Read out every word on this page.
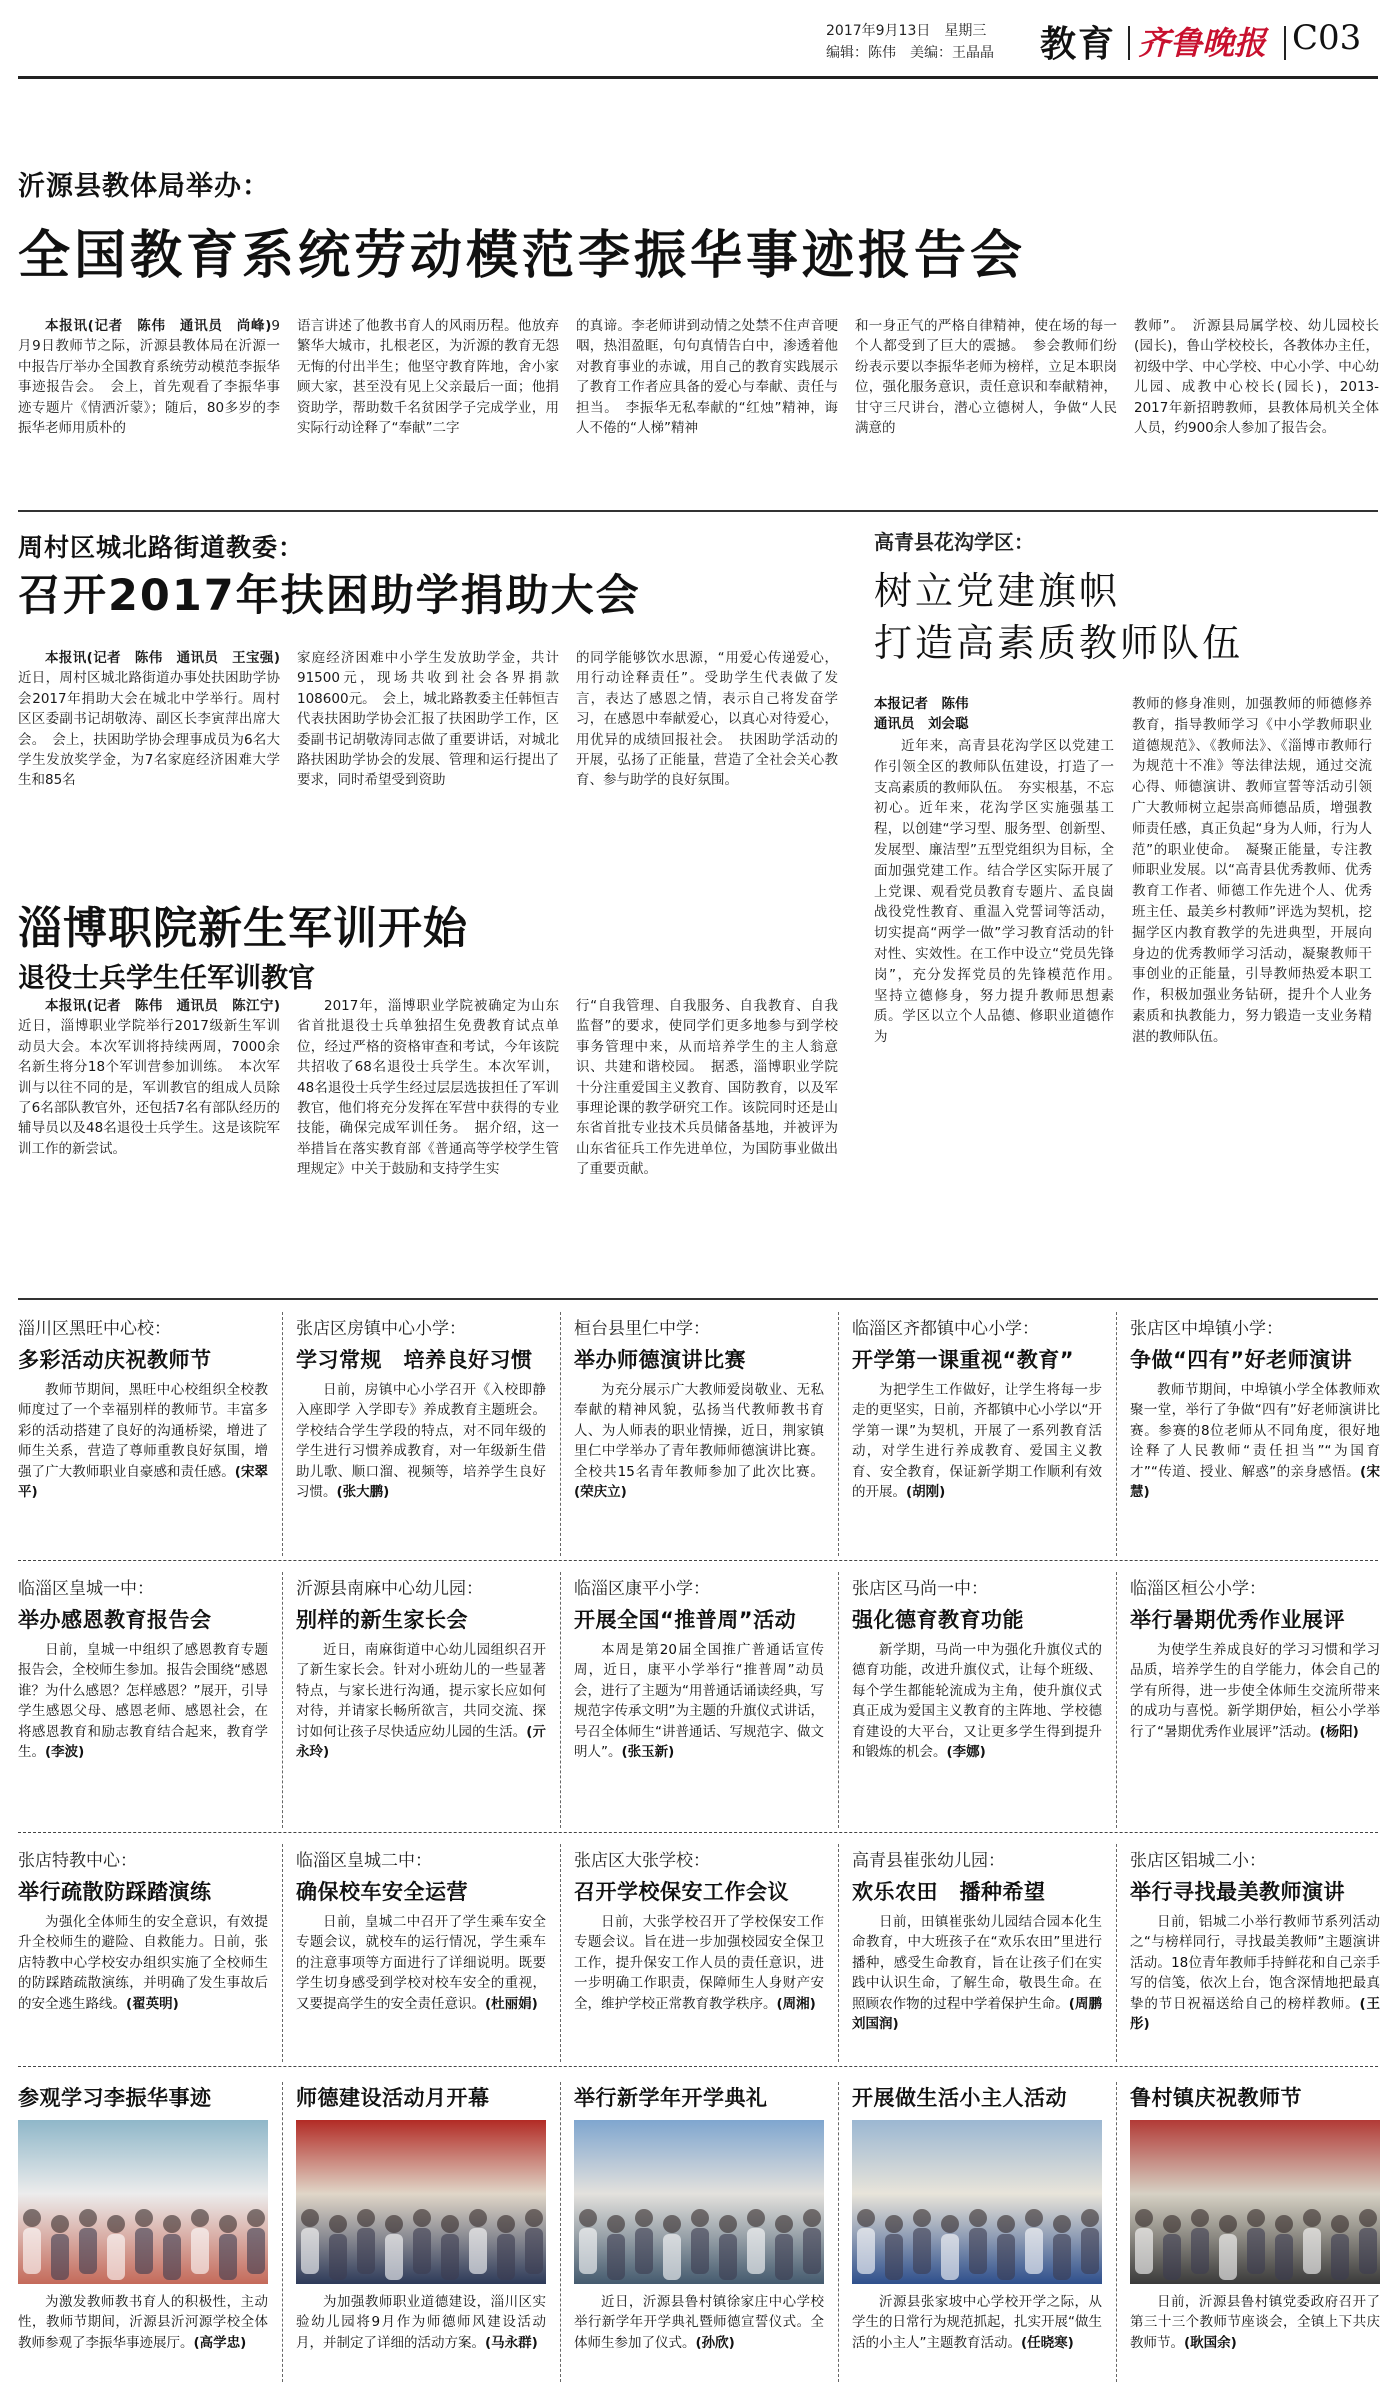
2017年9月13日　星期三
编辑：陈伟　美编：王晶晶 教育 齐鲁晚报 C03
沂源县教体局举办：
全国教育系统劳动模范李振华事迹报告会

本报讯(记者　陈伟　通讯员　尚峰)9月9日教师节之际，沂源县教体局在沂源一中报告厅举办全国教育系统劳动模范李振华事迹报告会。　会上，首先观看了李振华事迹专题片《情洒沂蒙》；随后，80多岁的李振华老师用质朴的

语言讲述了他教书育人的风雨历程。他放弃繁华大城市，扎根老区，为沂源的教育无怨无悔的付出半生；他坚守教育阵地，舍小家顾大家，甚至没有见上父亲最后一面；他捐资助学，帮助数千名贫困学子完成学业，用实际行动诠释了“奉献”二字

的真谛。李老师讲到动情之处禁不住声音哽咽，热泪盈眶，句句真情告白中，渗透着他对教育事业的赤诚，用自己的教育实践展示了教育工作者应具备的爱心与奉献、责任与担当。　李振华无私奉献的“红烛”精神，诲人不倦的“人梯”精神

和一身正气的严格自律精神，使在场的每一个人都受到了巨大的震撼。　参会教师们纷纷表示要以李振华老师为榜样，立足本职岗位，强化服务意识，责任意识和奉献精神，甘守三尺讲台，潜心立德树人，争做“人民满意的

教师”。　沂源县局属学校、幼儿园校长(园长)，鲁山学校校长，各教体办主任，初级中学、中心学校、中心小学、中心幼儿园、成教中心校长(园长)，2013-2017年新招聘教师，县教体局机关全体人员，约900余人参加了报告会。

周村区城北路街道教委：
召开2017年扶困助学捐助大会

本报讯(记者　陈伟　通讯员　王宝强)近日，周村区城北路街道办事处扶困助学协会2017年捐助大会在城北中学举行。周村区区委副书记胡敬涛、副区长李寅萍出席大会。　会上，扶困助学协会理事成员为6名大学生发放奖学金，为7名家庭经济困难大学生和85名

家庭经济困难中小学生发放助学金，共计91500元，现场共收到社会各界捐款108600元。　会上，城北路教委主任韩恒吉代表扶困助学协会汇报了扶困助学工作，区委副书记胡敬涛同志做了重要讲话，对城北路扶困助学协会的发展、管理和运行提出了要求，同时希望受到资助

的同学能够饮水思源，“用爱心传递爱心，用行动诠释责任”。受助学生代表做了发言，表达了感恩之情，表示自己将发奋学习，在感恩中奉献爱心，以真心对待爱心，用优异的成绩回报社会。　扶困助学活动的开展，弘扬了正能量，营造了全社会关心教育、参与助学的良好氛围。

淄博职院新生军训开始
退役士兵学生任军训教官

本报讯(记者　陈伟　通讯员　陈江宁)近日，淄博职业学院举行2017级新生军训动员大会。本次军训将持续两周，7000余名新生将分18个军训营参加训练。　本次军训与以往不同的是，军训教官的组成人员除了6名部队教官外，还包括7名有部队经历的辅导员以及48名退役士兵学生。这是该院军训工作的新尝试。

2017年，淄博职业学院被确定为山东省首批退役士兵单独招生免费教育试点单位，经过严格的资格审查和考试，今年该院共招收了68名退役士兵学生。本次军训，48名退役士兵学生经过层层选拔担任了军训教官，他们将充分发挥在军营中获得的专业技能，确保完成军训任务。　据介绍，这一举措旨在落实教育部《普通高等学校学生管理规定》中关于鼓励和支持学生实

行“自我管理、自我服务、自我教育、自我监督”的要求，使同学们更多地参与到学校事务管理中来，从而培养学生的主人翁意识、共建和谐校园。　据悉，淄博职业学院十分注重爱国主义教育、国防教育，以及军事理论课的教学研究工作。该院同时还是山东省首批专业技术兵员储备基地，并被评为山东省征兵工作先进单位，为国防事业做出了重要贡献。

高青县花沟学区：
树立党建旗帜
打造高素质教师队伍
本报记者　陈伟
通讯员　刘会聪

近年来，高青县花沟学区以党建工作引领全区的教师队伍建设，打造了一支高素质的教师队伍。　夯实根基，不忘初心。近年来，花沟学区实施强基工程，以创建“学习型、服务型、创新型、发展型、廉洁型”五型党组织为目标，全面加强党建工作。结合学区实际开展了上党课、观看党员教育专题片、孟良崮战役党性教育、重温入党誓词等活动，切实提高“两学一做”学习教育活动的针对性、实效性。在工作中设立“党员先锋岗”，充分发挥党员的先锋模范作用。　坚持立德修身，努力提升教师思想素质。学区以立个人品德、修职业道德作为

教师的修身准则，加强教师的师德修养教育，指导教师学习《中小学教师职业道德规范》、《教师法》、《淄博市教师行为规范十不准》等法律法规，通过交流心得、师德演讲、教师宣誓等活动引领广大教师树立起崇高师德品质，增强教师责任感，真正负起“身为人师，行为人范”的职业使命。　凝聚正能量，专注教师职业发展。以“高青县优秀教师、优秀教育工作者、师德工作先进个人、优秀班主任、最美乡村教师”评选为契机，挖掘学区内教育教学的先进典型，开展向身边的优秀教师学习活动，凝聚教师干事创业的正能量，引导教师热爱本职工作，积极加强业务钻研，提升个人业务素质和执教能力，努力锻造一支业务精湛的教师队伍。

淄川区黑旺中心校：
多彩活动庆祝教师节

教师节期间，黑旺中心校组织全校教师度过了一个幸福别样的教师节。丰富多彩的活动搭建了良好的沟通桥梁，增进了师生关系，营造了尊师重教良好氛围，增强了广大教师职业自豪感和责任感。(宋翠平)

张店区房镇中心小学：
学习常规　培养良好习惯

日前，房镇中心小学召开《入校即静 入座即学 入学即专》养成教育主题班会。学校结合学生学段的特点，对不同年级的学生进行习惯养成教育，对一年级新生借助儿歌、顺口溜、视频等，培养学生良好习惯。(张大鹏)

桓台县里仁中学：
举办师德演讲比赛

为充分展示广大教师爱岗敬业、无私奉献的精神风貌，弘扬当代教师教书育人、为人师表的职业情操，近日，荆家镇里仁中学举办了青年教师师德演讲比赛。全校共15名青年教师参加了此次比赛。(荣庆立)

临淄区齐都镇中心小学：
开学第一课重视“教育”

为把学生工作做好，让学生将每一步走的更坚实，日前，齐都镇中心小学以“开学第一课”为契机，开展了一系列教育活动，对学生进行养成教育、爱国主义教育、安全教育，保证新学期工作顺利有效的开展。(胡刚)

张店区中埠镇小学：
争做“四有”好老师演讲

教师节期间，中埠镇小学全体教师欢聚一堂，举行了争做“四有”好老师演讲比赛。参赛的8位老师从不同角度，很好地诠释了人民教师“责任担当”“为国育才”“传道、授业、解惑”的亲身感悟。(宋慧)

临淄区皇城一中：
举办感恩教育报告会

日前，皇城一中组织了感恩教育专题报告会，全校师生参加。报告会围绕“感恩谁？为什么感恩？怎样感恩？”展开，引导学生感恩父母、感恩老师、感恩社会，在将感恩教育和励志教育结合起来，教育学生。(李波)

沂源县南麻中心幼儿园：
别样的新生家长会

近日，南麻街道中心幼儿园组织召开了新生家长会。针对小班幼儿的一些显著特点，与家长进行沟通，提示家长应如何对待，并请家长畅所欲言，共同交流、探讨如何让孩子尽快适应幼儿园的生活。(亓永玲)

临淄区康平小学：
开展全国“推普周”活动

本周是第20届全国推广普通话宣传周，近日，康平小学举行“推普周”动员会，进行了主题为“用普通话诵读经典，写规范字传承文明”为主题的升旗仪式讲话，号召全体师生“讲普通话、写规范字、做文明人”。(张玉新)

张店区马尚一中：
强化德育教育功能

新学期，马尚一中为强化升旗仪式的德育功能，改进升旗仪式，让每个班级、每个学生都能轮流成为主角，使升旗仪式真正成为爱国主义教育的主阵地、学校德育建设的大平台，又让更多学生得到提升和锻炼的机会。(李娜)

临淄区桓公小学：
举行暑期优秀作业展评

为使学生养成良好的学习习惯和学习品质，培养学生的自学能力，体会自己的学有所得，进一步使全体师生交流所带来的成功与喜悦。新学期伊始，桓公小学举行了“暑期优秀作业展评”活动。(杨阳)

张店特教中心：
举行疏散防踩踏演练

为强化全体师生的安全意识，有效提升全校师生的避险、自救能力。日前，张店特教中心学校安办组织实施了全校师生的防踩踏疏散演练，并明确了发生事故后的安全逃生路线。(翟英明)

临淄区皇城二中：
确保校车安全运营

日前，皇城二中召开了学生乘车安全专题会议，就校车的运行情况，学生乘车的注意事项等方面进行了详细说明。既要学生切身感受到学校对校车安全的重视，又要提高学生的安全责任意识。(杜丽娟)

张店区大张学校：
召开学校保安工作会议

日前，大张学校召开了学校保安工作专题会议。旨在进一步加强校园安全保卫工作，提升保安工作人员的责任意识，进一步明确工作职责，保障师生人身财产安全，维护学校正常教育教学秩序。(周湘)

高青县崔张幼儿园：
欢乐农田　播种希望

日前，田镇崔张幼儿园结合园本化生命教育，中大班孩子在“欢乐农田”里进行播种，感受生命教育，旨在让孩子们在实践中认识生命，了解生命，敬畏生命。在照顾农作物的过程中学着保护生命。(周鹏　刘国润)

张店区铝城二小：
举行寻找最美教师演讲

日前，铝城二小举行教师节系列活动之“与榜样同行，寻找最美教师”主题演讲活动。18位青年教师手持鲜花和自己亲手写的信笺，依次上台，饱含深情地把最真挚的节日祝福送给自己的榜样教师。(王彤)

参观学习李振华事迹

为激发教师教书育人的积极性，主动性，教师节期间，沂源县沂河源学校全体教师参观了李振华事迹展厅。(高学忠)

师德建设活动月开幕

为加强教师职业道德建设，淄川区实验幼儿园将9月作为师德师风建设活动月，并制定了详细的活动方案。(马永群)

举行新学年开学典礼

近日，沂源县鲁村镇徐家庄中心学校举行新学年开学典礼暨师德宣誓仪式。全体师生参加了仪式。(孙欣)

开展做生活小主人活动

沂源县张家坡中心学校开学之际，从学生的日常行为规范抓起，扎实开展“做生活的小主人”主题教育活动。(任晓寒)

鲁村镇庆祝教师节

日前，沂源县鲁村镇党委政府召开了第三十三个教师节座谈会，全镇上下共庆教师节。(耿国余)
